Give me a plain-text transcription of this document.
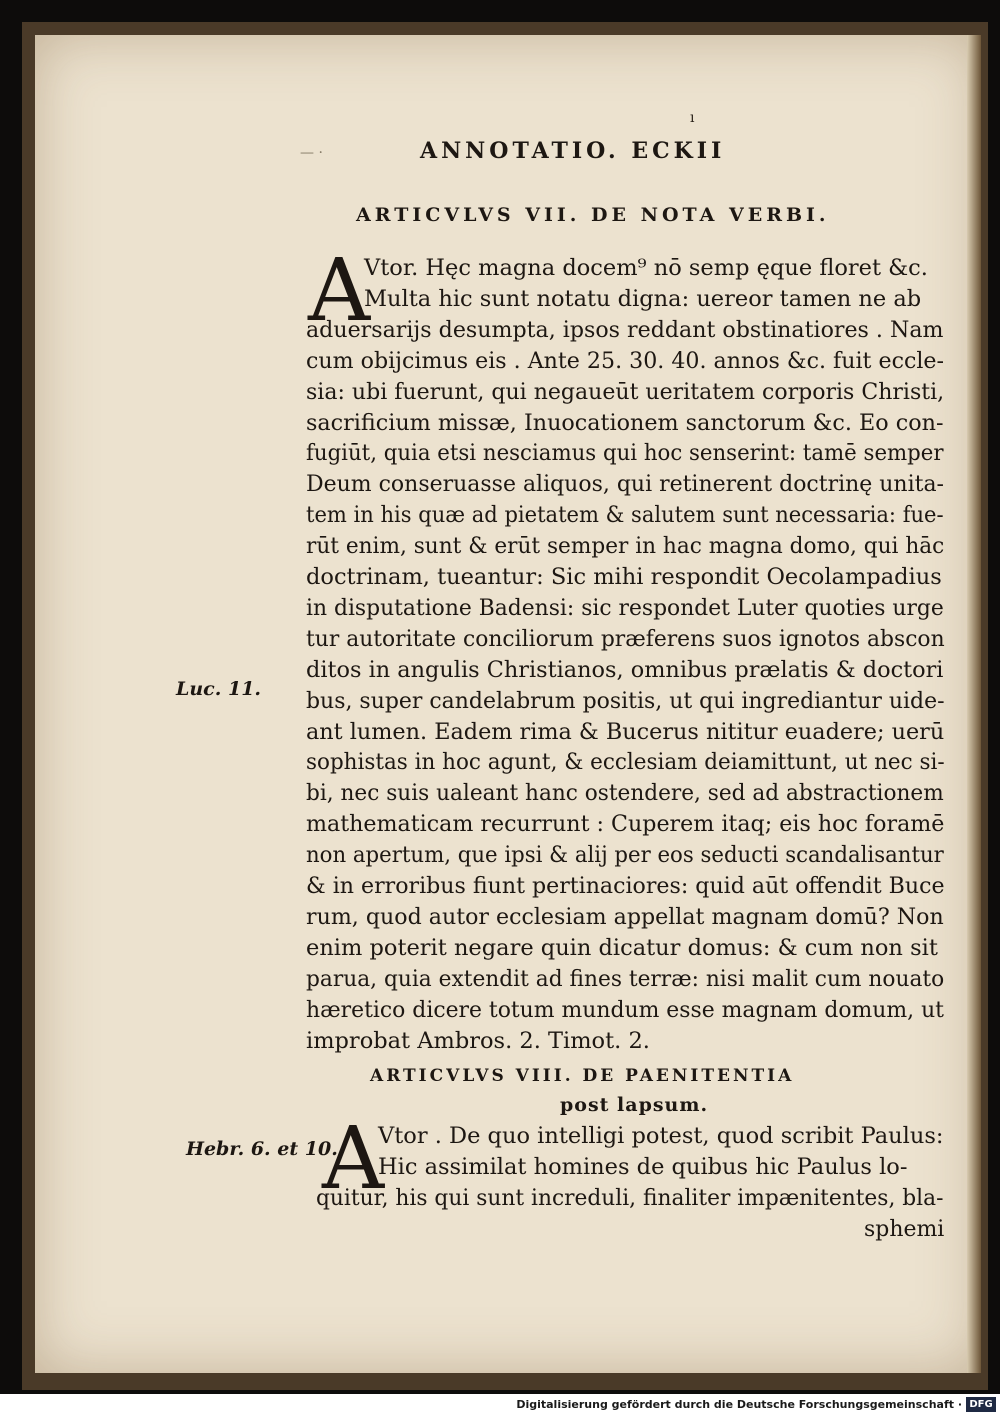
— ·
ı
ANNOTATIO. ECKII
ARTICVLVS VII. DE NOTA VERBI.
A
Vtor. Hęc magna docem⁹ nō semp ęque floret &c.
Multa hic sunt notatu digna: uereor tamen ne ab
aduersarijs desumpta, ipsos reddant obstinatiores . Nam
cum obijcimus eis . Ante 25. 30. 40. annos &c. fuit eccle-
sia: ubi fuerunt, qui negaueūt ueritatem corporis Christi,
sacrificium missæ, Inuocationem sanctorum &c. Eo con-
fugiūt, quia etsi nesciamus qui hoc senserint: tamē semper
Deum conseruasse aliquos, qui retinerent doctrinę unita-
tem in his quæ ad pietatem & salutem sunt necessaria: fue-
rūt enim, sunt & erūt semper in hac magna domo, qui hāc
doctrinam, tueantur: Sic mihi respondit Oecolampadius
in disputatione Badensi: sic respondet Luter quoties urge
tur autoritate conciliorum præferens suos ignotos abscon
ditos in angulis Christianos, omnibus prælatis & doctori
bus, super candelabrum positis, ut qui ingrediantur uide-
ant lumen. Eadem rima & Bucerus nititur euadere; uerū
sophistas in hoc agunt, & ecclesiam deiamittunt, ut nec si-
bi, nec suis ualeant hanc ostendere, sed ad abstractionem
mathematicam recurrunt : Cuperem itaq; eis hoc foramē
non apertum, que ipsi & alij per eos seducti scandalisantur
& in erroribus fiunt pertinaciores: quid aūt offendit Buce
rum, quod autor ecclesiam appellat magnam domū? Non
enim poterit negare quin dicatur domus: & cum non sit
parua, quia extendit ad fines terræ: nisi malit cum nouato
hæretico dicere totum mundum esse magnam domum, ut
improbat Ambros. 2. Timot. 2.
Luc. 11.
ARTICVLVS VIII. DE PAENITENTIA
post lapsum.
A
Vtor . De quo intelligi potest, quod scribit Paulus:
Hic assimilat homines de quibus hic Paulus lo-
quitur, his qui sunt increduli, finaliter impænitentes, bla-
sphemi
Hebr. 6. et 10.
Digitalisierung gefördert durch die Deutsche Forschungsgemeinschaft · DFG
